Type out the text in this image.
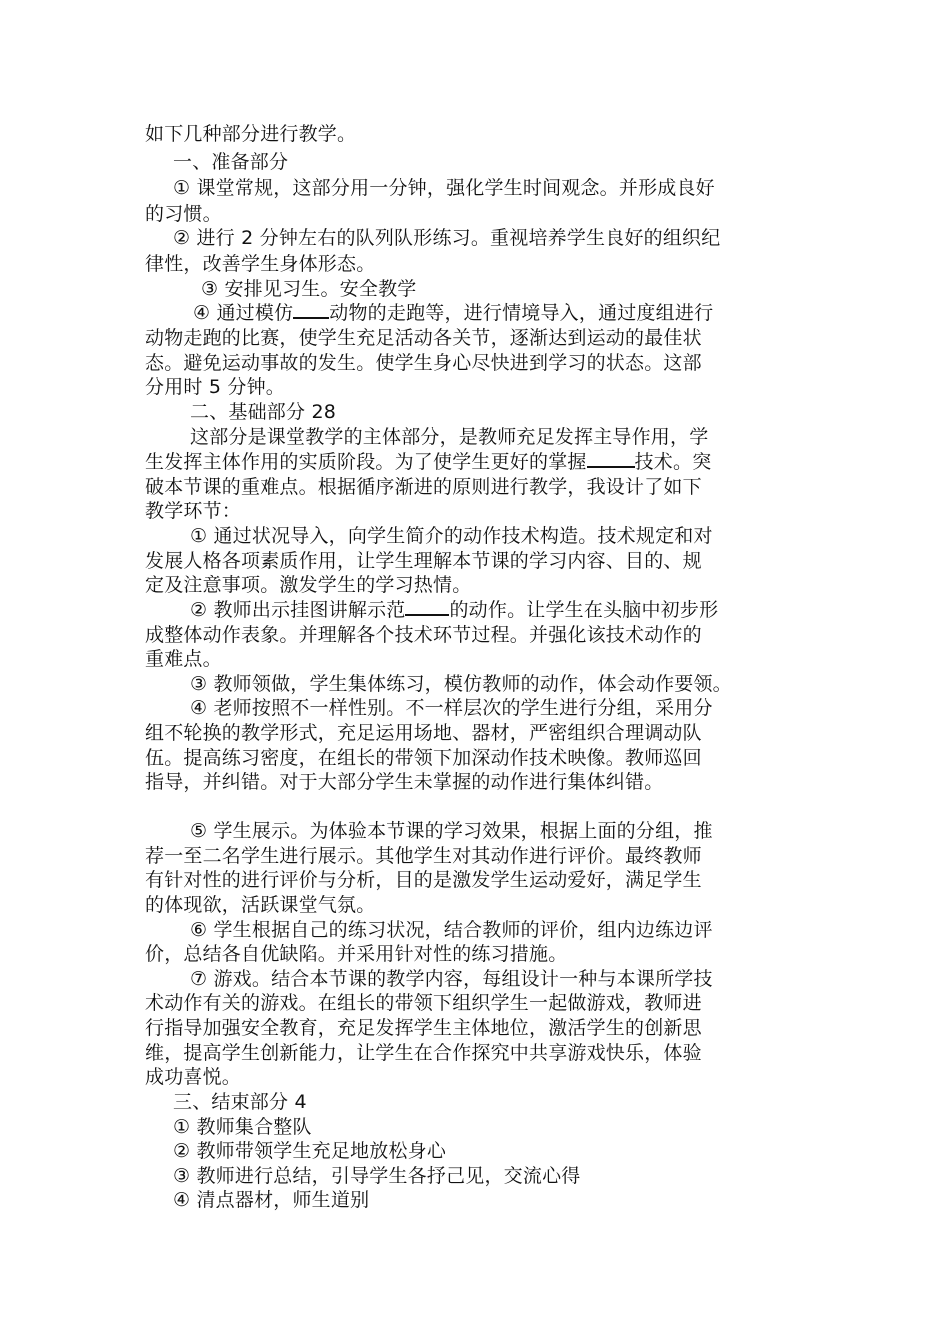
如下几种部分进行教学。
一、准备部分
① 课堂常规，这部分用一分钟，强化学生时间观念。并形成良好
的习惯。
② 进行 2 分钟左右的队列队形练习。重视培养学生良好的组织纪
律性，改善学生身体形态。
③ 安排见习生。安全教学
④ 通过模仿 动物的走跑等，进行情境导入，通过度组进行
动物走跑的比赛，使学生充足活动各关节，逐渐达到运动的最佳状
态。避免运动事故的发生。使学生身心尽快进到学习的状态。这部
分用时 5 分钟。
二、基础部分 28
这部分是课堂教学的主体部分，是教师充足发挥主导作用，学
生发挥主体作用的实质阶段。为了使学生更好的掌握	技术。突
破本节课的重难点。根据循序渐进的原则进行教学，我设计了如下
教学环节：
① 通过状况导入，向学生简介的动作技术构造。技术规定和对
发展人格各项素质作用，让学生理解本节课的学习内容、目的、规
定及注意事项。激发学生的学习热情。
② 教师出示挂图讲解示范 的动作。让学生在头脑中初步形
成整体动作表象。并理解各个技术环节过程。并强化该技术动作的
重难点。
③ 教师领做，学生集体练习，模仿教师的动作，体会动作要领。
④ 老师按照不一样性别。不一样层次的学生进行分组，采用分
组不轮换的教学形式，充足运用场地、器材，严密组织合理调动队
伍。提高练习密度，在组长的带领下加深动作技术映像。教师巡回
指导，并纠错。对于大部分学生未掌握的动作进行集体纠错。
⑤ 学生展示。为体验本节课的学习效果，根据上面的分组，推
荐一至二名学生进行展示。其他学生对其动作进行评价。最终教师
有针对性的进行评价与分析，目的是激发学生运动爱好，满足学生
的体现欲，活跃课堂气氛。
⑥ 学生根据自己的练习状况，结合教师的评价，组内边练边评
价，总结各自优缺陷。并采用针对性的练习措施。
⑦ 游戏。结合本节课的教学内容，每组设计一种与本课所学技
术动作有关的游戏。在组长的带领下组织学生一起做游戏，教师进
行指导加强安全教育，充足发挥学生主体地位，激活学生的创新思
维，提高学生创新能力，让学生在合作探究中共享游戏快乐，体验
成功喜悦。
三、结束部分 4
① 教师集合整队
② 教师带领学生充足地放松身心
③ 教师进行总结，引导学生各抒己见，交流心得
④ 清点器材，师生道别
